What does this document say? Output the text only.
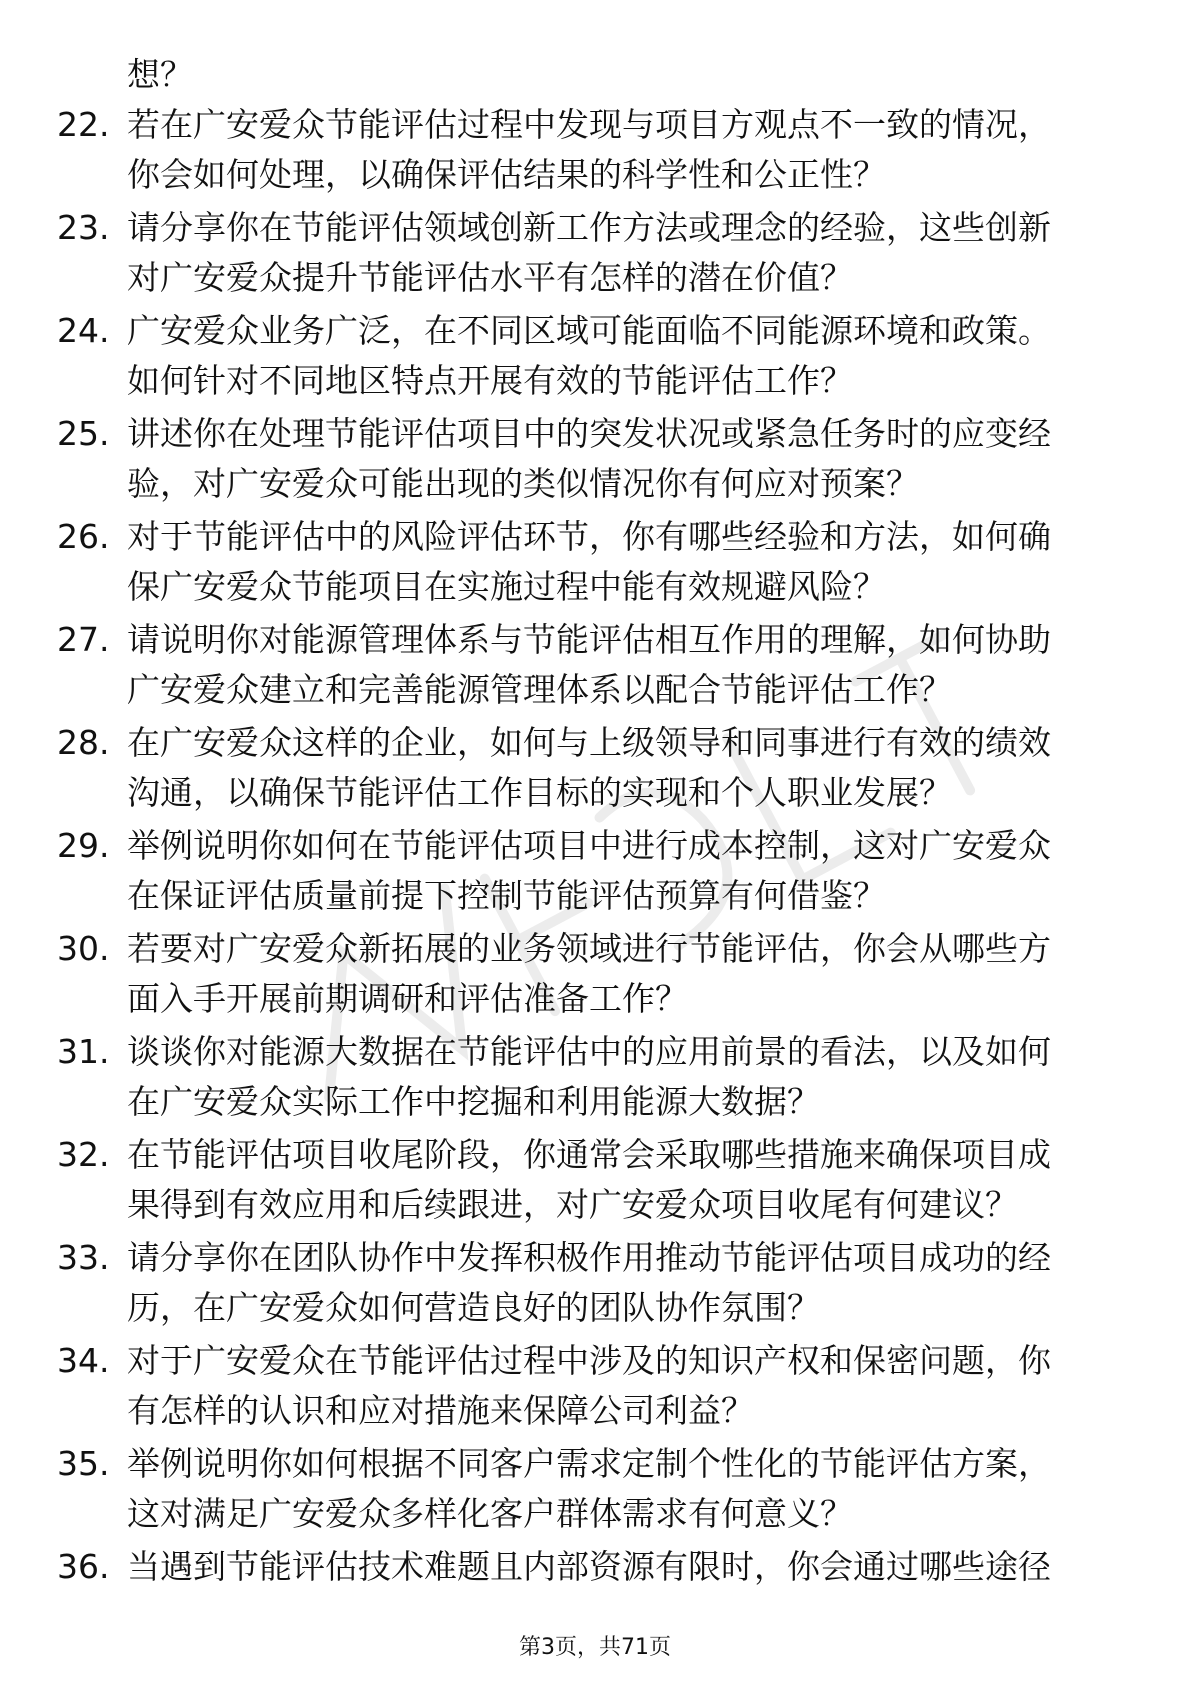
想？
22. 若在广安爱众节能评估过程中发现与项目方观点不一致的情况，
你会如何处理，以确保评估结果的科学性和公正性？
23. 请分享你在节能评估领域创新工作方法或理念的经验，这些创新
对广安爱众提升节能评估水平有怎样的潜在价值？
24. 广安爱众业务广泛，在不同区域可能面临不同能源环境和政策。
如何针对不同地区特点开展有效的节能评估工作？
25. 讲述你在处理节能评估项目中的突发状况或紧急任务时的应变经
验，对广安爱众可能出现的类似情况你有何应对预案？
26. 对于节能评估中的风险评估环节，你有哪些经验和方法，如何确
保广安爱众节能项目在实施过程中能有效规避风险？
27. 请说明你对能源管理体系与节能评估相互作用的理解，如何协助
广安爱众建立和完善能源管理体系以配合节能评估工作？
28. 在广安爱众这样的企业，如何与上级领导和同事进行有效的绩效
沟通，以确保节能评估工作目标的实现和个人职业发展？
29. 举例说明你如何在节能评估项目中进行成本控制，这对广安爱众
在保证评估质量前提下控制节能评估预算有何借鉴？
30. 若要对广安爱众新拓展的业务领域进行节能评估，你会从哪些方
面入手开展前期调研和评估准备工作？
31. 谈谈你对能源大数据在节能评估中的应用前景的看法，以及如何
在广安爱众实际工作中挖掘和利用能源大数据？
32. 在节能评估项目收尾阶段，你通常会采取哪些措施来确保项目成
果得到有效应用和后续跟进，对广安爱众项目收尾有何建议？
33. 请分享你在团队协作中发挥积极作用推动节能评估项目成功的经
历，在广安爱众如何营造良好的团队协作氛围？
34. 对于广安爱众在节能评估过程中涉及的知识产权和保密问题，你
有怎样的认识和应对措施来保障公司利益？
35. 举例说明你如何根据不同客户需求定制个性化的节能评估方案，
这对满足广安爱众多样化客户群体需求有何意义？
36. 当遇到节能评估技术难题且内部资源有限时，你会通过哪些途径
第3页，共71页
